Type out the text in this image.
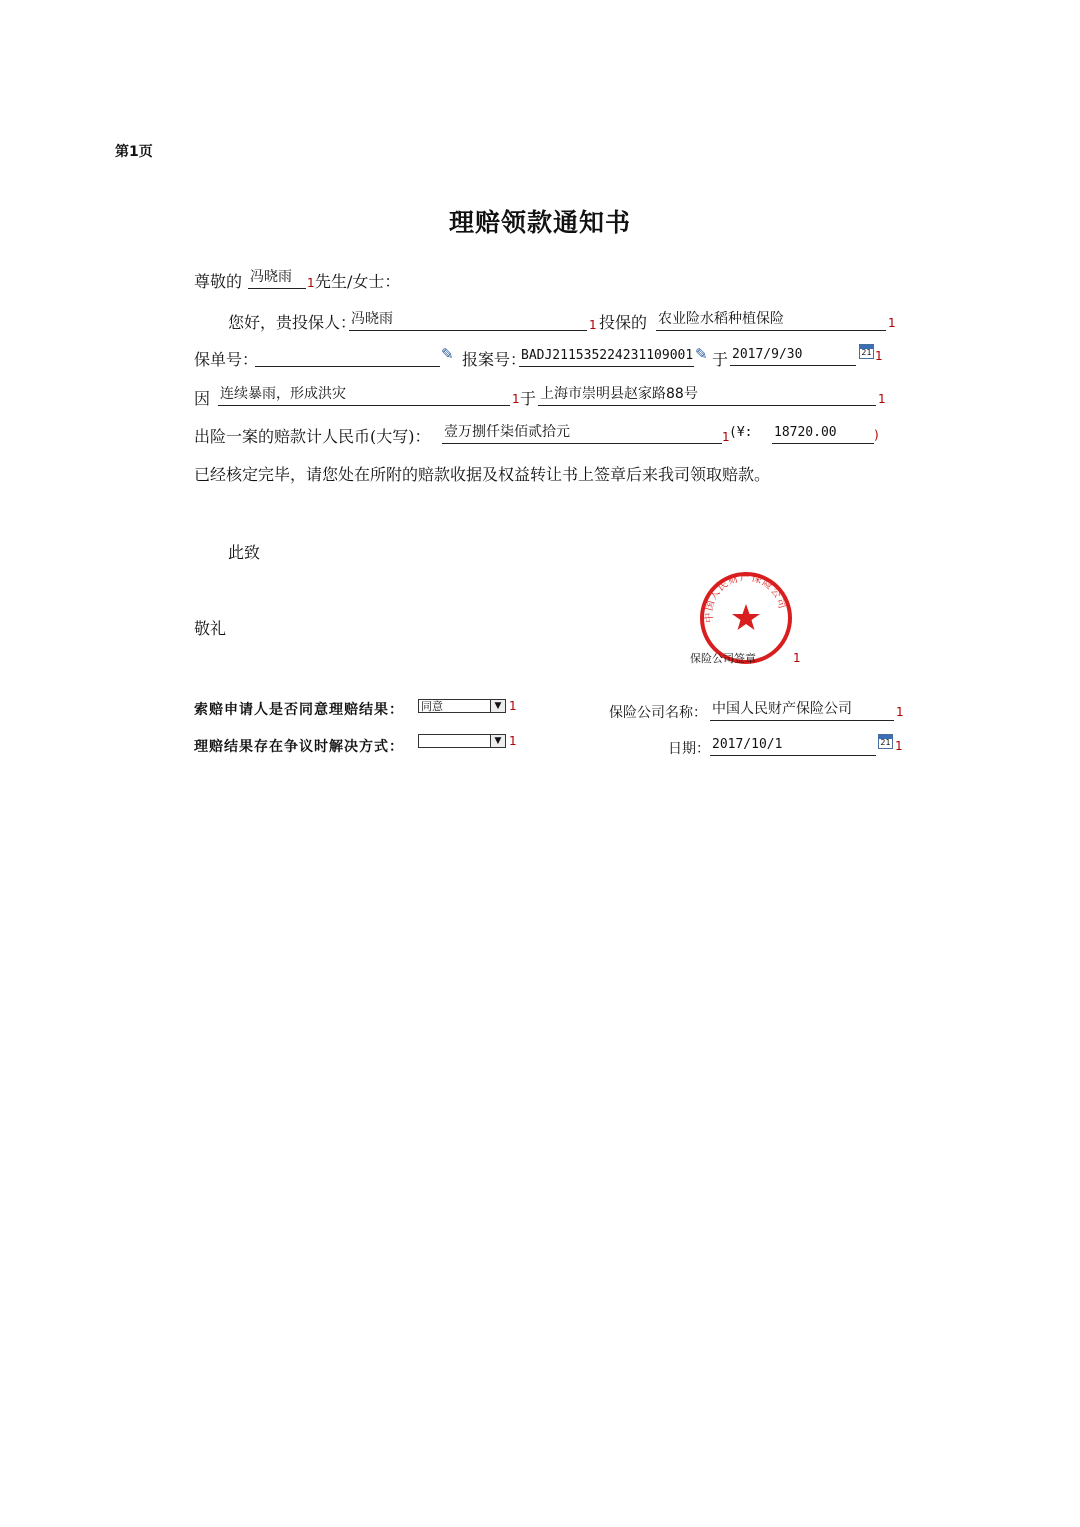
第1页
理赔领款通知书
尊敬的 冯晓雨	1 先生/女士：
您好，贵投保人：
冯晓雨	1 投保的 农业险水稻种植保险	1
保单号：	✎ 报案号：
BADJ211535224231109001 ✎ 于 2017/9/30	21 1
因 连续暴雨，形成洪灾	1 于 上海市崇明县赵家路88号	1
出险一案的赔款计人民币(大写)： 壹万捌仟柒佰贰拾元	1 (¥: 18720.00	)
已经核定完毕，请您处在所附的赔款收据及权益转让书上签章后来我司领取赔款。
此致
敬礼
中国人民财产保险公司
保险公司签章	1
索赔申请人是否同意理赔结果： 同意	▼ 1
理赔结果存在争议时解决方式：	▼ 1
保险公司名称： 中国人民财产保险公司	1
日期： 2017/10/1	21 1
